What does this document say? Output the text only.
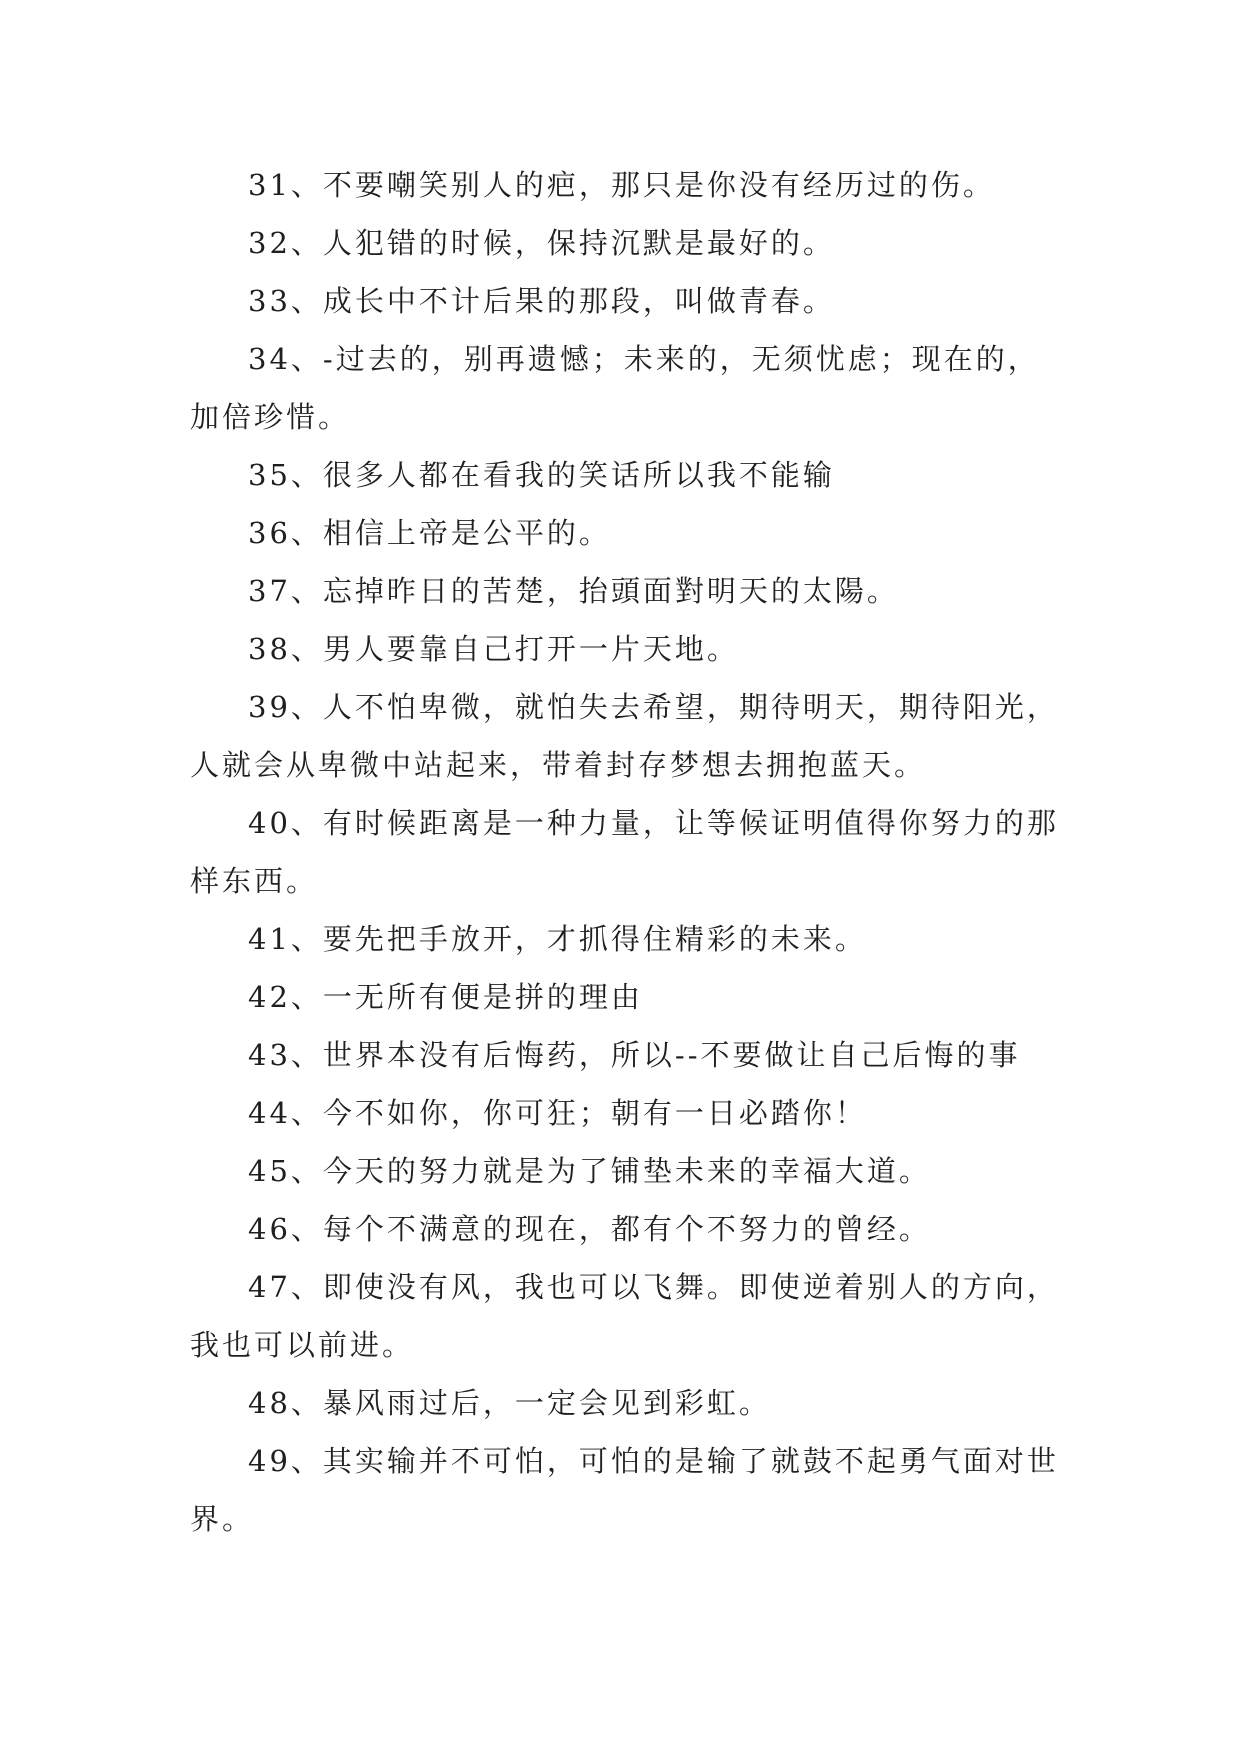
31、不要嘲笑别人的疤，那只是你没有经历过的伤。

32、人犯错的时候，保持沉默是最好的。

33、成长中不计后果的那段，叫做青春。

34、-过去的，别再遗憾；未来的，无须忧虑；现在的，加倍珍惜。

35、很多人都在看我的笑话所以我不能输

36、相信上帝是公平的。

37、忘掉昨日的苦楚，抬頭面對明天的太陽。

38、男人要靠自己打开一片天地。

39、人不怕卑微，就怕失去希望，期待明天，期待阳光，人就会从卑微中站起来，带着封存梦想去拥抱蓝天。

40、有时候距离是一种力量，让等候证明值得你努力的那样东西。

41、要先把手放开，才抓得住精彩的未来。

42、一无所有便是拼的理由

43、世界本没有后悔药，所以--不要做让自己后悔的事

44、今不如你，你可狂；朝有一日必踏你！

45、今天的努力就是为了铺垫未来的幸福大道。

46、每个不满意的现在，都有个不努力的曾经。

47、即使没有风，我也可以飞舞。即使逆着别人的方向，我也可以前进。

48、暴风雨过后，一定会见到彩虹。

49、其实输并不可怕，可怕的是输了就鼓不起勇气面对世界。
